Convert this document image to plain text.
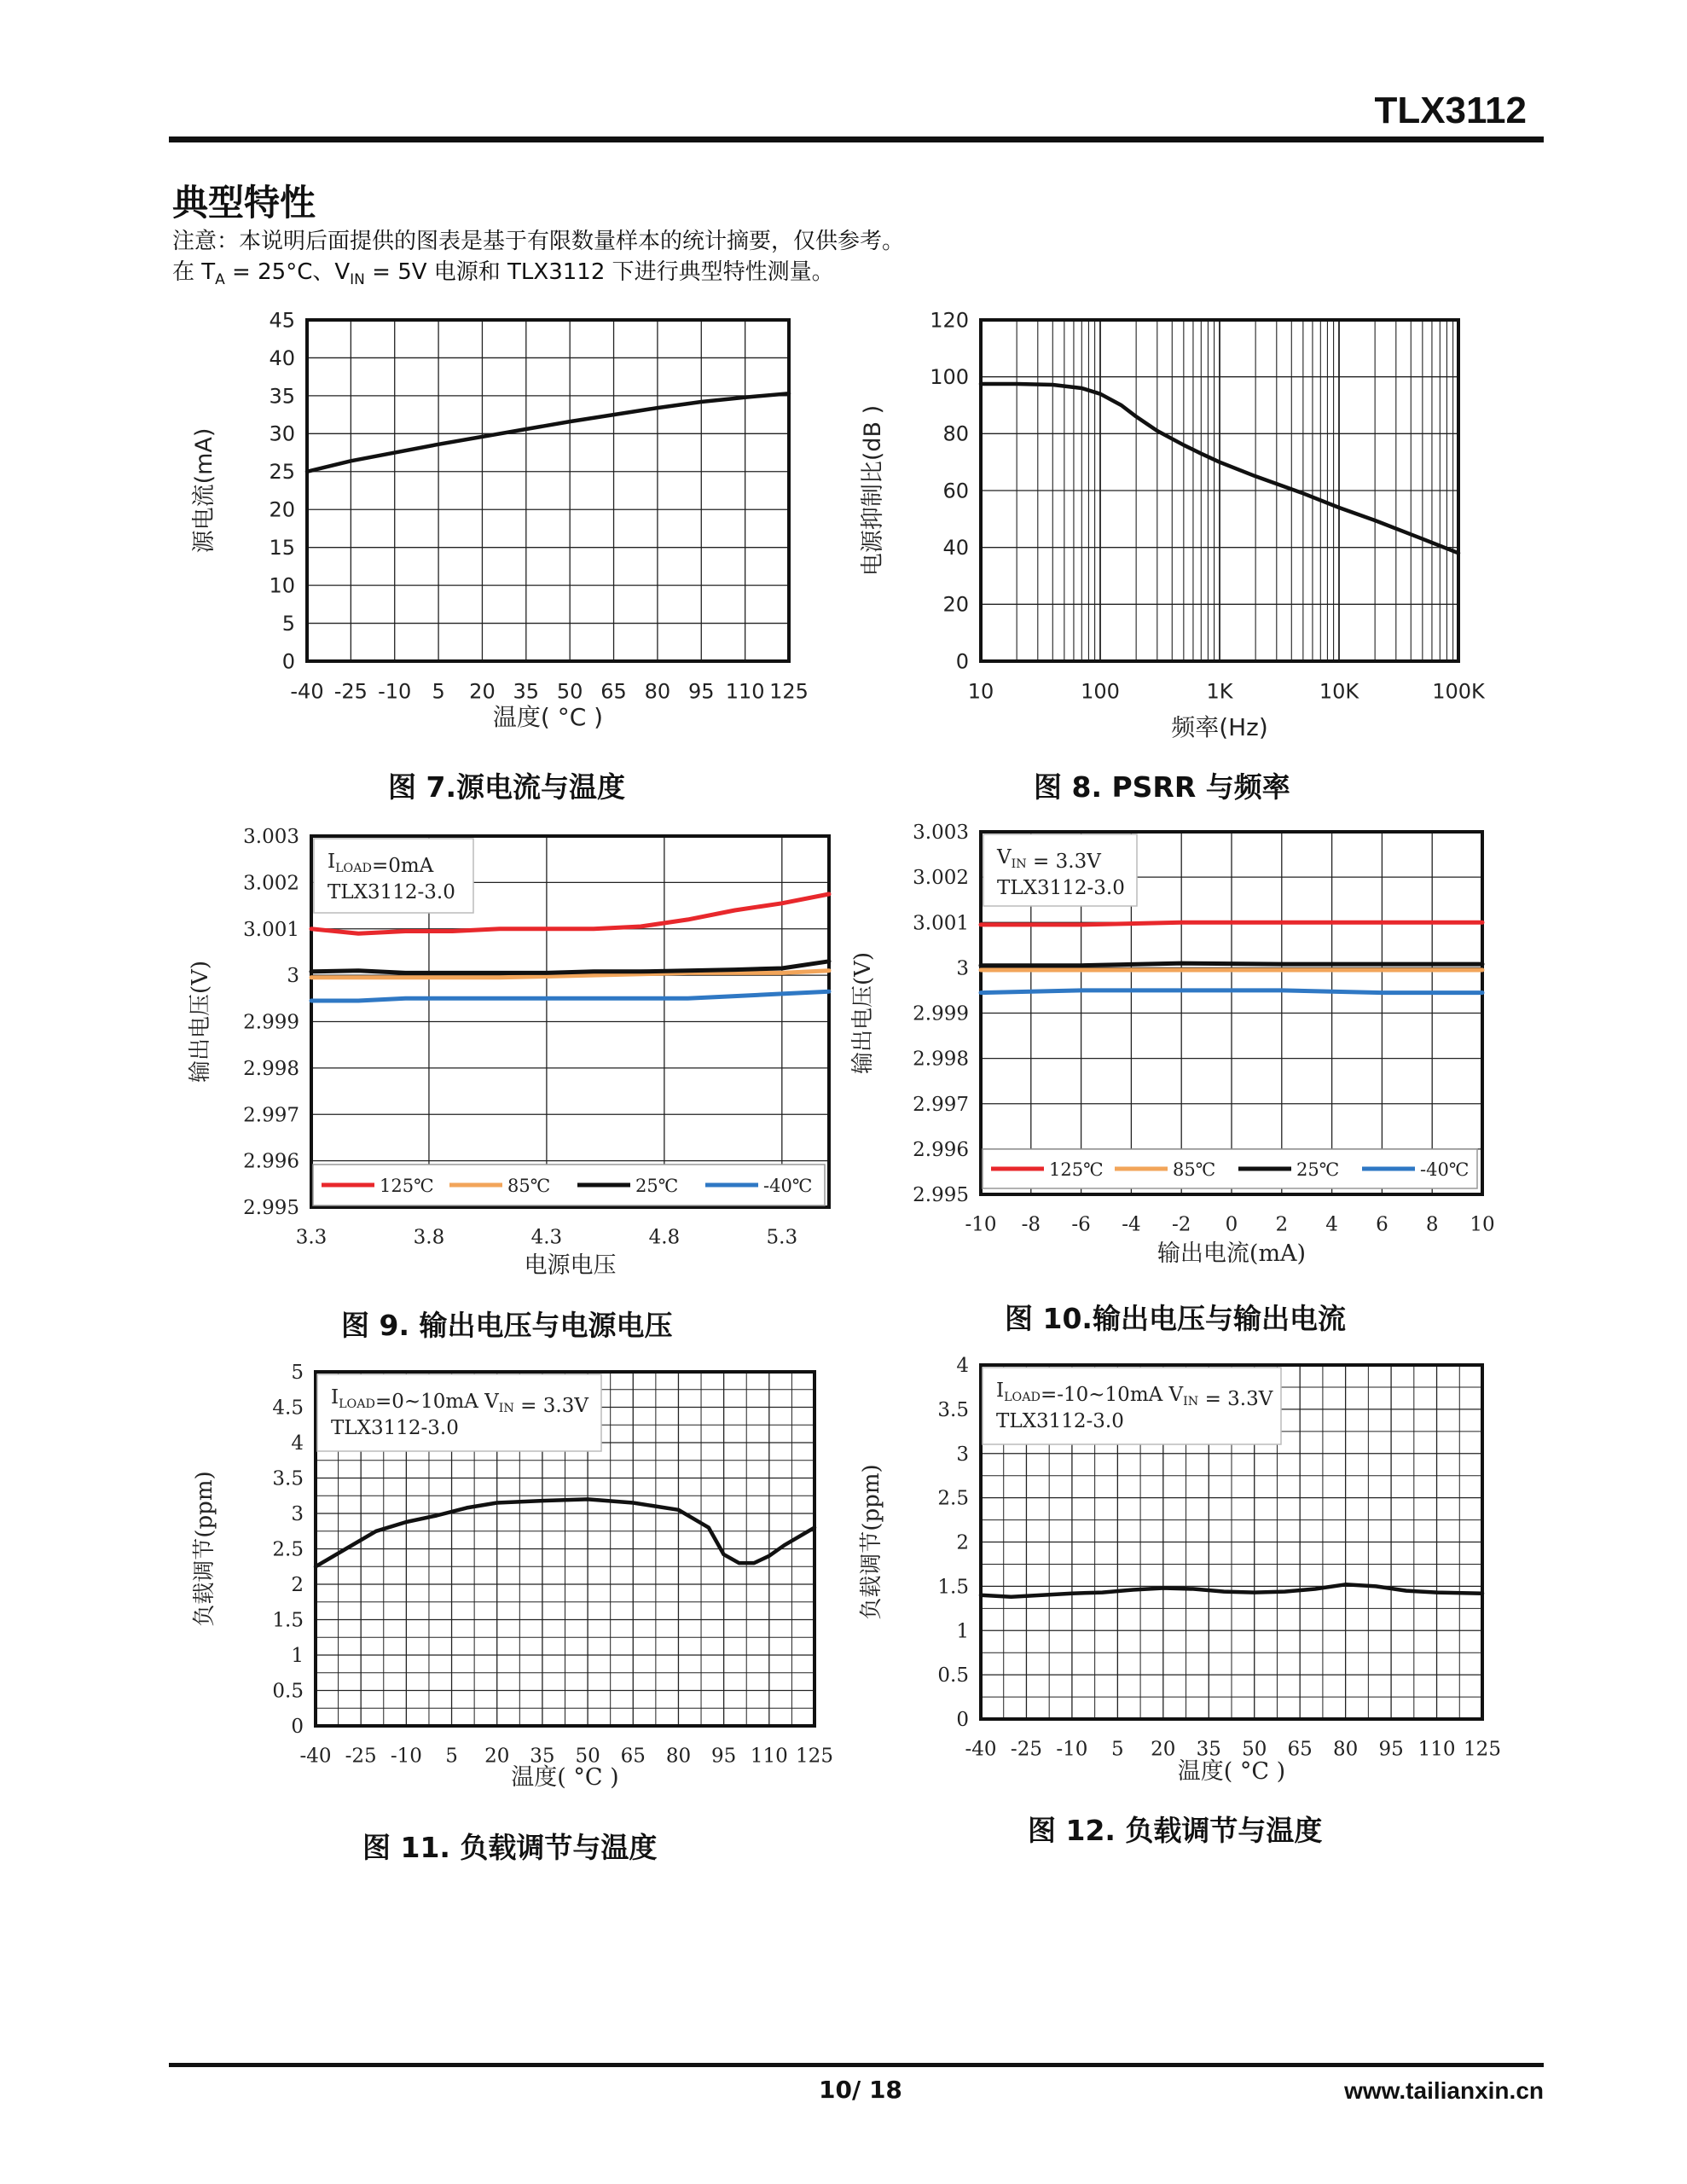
TLX3112
典型特性
注意：本说明后面提供的图表是基于有限数量样本的统计摘要，仅供参考。
在 $T_A = 25^\circ C$、$V_{IN} = 5V$ 电源和 TLX3112 下进行典型特性测量。
-40 -25 -10 5 20 35 50 65 80 95 110 125
0
5
10
15
20
25
30
35
40
45
温度( °C )
源电流(mA)
10	100	1K	10K	100K
0
20
40
60
80
100
120
频率(Hz)
电源抑制比(dB )
3.3	3.8	4.3	4.8	5.3
2.995
2.996
2.997
2.998
2.999
3
3.001
3.002
3.003
电源电压
输出电压(V)
$I_{LOAD}=0mA$
TLX3112-3.0
125℃	85℃	25℃	-40℃
-10 -8 -6 -4 -2 0 2 4 6 8 10
2.995
2.996
2.997
2.998
2.999
3
3.001
3.002
3.003
输出电流(mA)
输出电压(V)
$V_{IN} = 3.3V$
TLX3112-3.0
125℃	85℃	25℃	-40℃
-40 -25 -10 5 20 35 50 65 80 95 110 125
0
0.5
1
1.5
2
2.5
3
3.5
4
4.5
5
温度( °C )
负载调节(ppm)
$I_{LOAD}=0\sim 10mA$ $V_{IN} = 3.3V$
TLX3112-3.0
-40 -25 -10 5 20 35 50 65 80 95 110 125
0
0.5
1
1.5
2
2.5
3
3.5
4
温度( °C )
负载调节(ppm)
$I_{LOAD}=-10\sim 10mA$ $V_{IN} = 3.3V$
TLX3112-3.0
图 7.源电流与温度	图 8. PSRR 与频率
图 9. 输出电压与电源电压	图 10.输出电压与输出电流
图 11. 负载调节与温度
图 12. 负载调节与温度
10/ 18	www.tailianxin.cn
